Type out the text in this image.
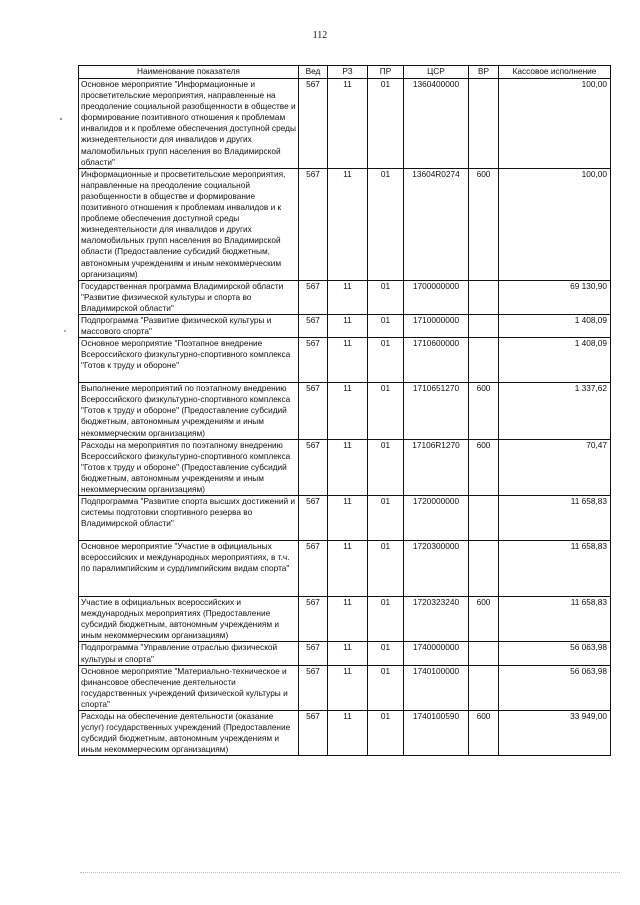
112
Наименование показателя	Вед	РЗ	ПР	ЦСР	ВР	Кассовое исполнение
Основное мероприятие "Информационные и просветительские мероприятия, направленные на преодоление социальной разобщенности в обществе и формирование позитивного отношения к проблемам инвалидов и к проблеме обеспечения доступной среды жизнедеятельности для инвалидов и других маломобильных групп населения во Владимирской области"	567	11	01	1360400000		100,00
Информационные и просветительские мероприятия, направленные на преодоление социальной разобщенности в обществе и формирование позитивного отношения к проблемам инвалидов и к проблеме обеспечения доступной среды жизнедеятельности для инвалидов и других маломобильных групп населения во Владимирской области (Предоставление субсидий бюджетным, автономным учреждениям и иным некоммерческим организациям)	567	11	01	13604R0274	600	100,00
Государственная программа Владимирской области "Развитие физической культуры и спорта во Владимирской области"	567	11	01	1700000000		69 130,90
Подпрограмма "Развитие физической культуры и массового спорта"	567	11	01	1710000000		1 408,09
Основное мероприятие "Поэтапное внедрение Всероссийского физкультурно-спортивного комплекса "Готов к труду и обороне"	567	11	01	1710600000		1 408,09
Выполнение мероприятий по поэтапному внедрению Всероссийского физкультурно-спортивного комплекса "Готов к труду и обороне" (Предоставление субсидий бюджетным, автономным учреждениям и иным некоммерческим организациям)	567	11	01	1710651270	600	1 337,62
Расходы на мероприятия по поэтапному внедрению Всероссийского физкультурно-спортивного комплекса "Готов к труду и обороне" (Предоставление субсидий бюджетным, автономным учреждениям и иным некоммерческим организациям)	567	11	01	17106R1270	600	70,47
Подпрограмма "Развитие спорта высших достижений и системы подготовки спортивного резерва во Владимирской области"	567	11	01	1720000000		11 658,83
Основное мероприятие "Участие в официальных всероссийских и международных мероприятиях, в т.ч. по паралимпийским и сурдлимпийским видам спорта"	567	11	01	1720300000		11 658,83
Участие в официальных всероссийских и международных мероприятиях (Предоставление субсидий бюджетным, автономным учреждениям и иным некоммерческим организациям)	567	11	01	1720323240	600	11 658,83
Подпрограмма "Управление отраслью физической культуры и спорта"	567	11	01	1740000000		56 063,98
Основное мероприятие "Материально-техническое и финансовое обеспечение деятельности государственных учреждений физической культуры и спорта"	567	11	01	1740100000		56 063,98
Расходы на обеспечение деятельности (оказание услуг) государственных учреждений (Предоставление субсидий бюджетным, автономным учреждениям и иным некоммерческим организациям)	567	11	01	1740100590	600	33 949,00
